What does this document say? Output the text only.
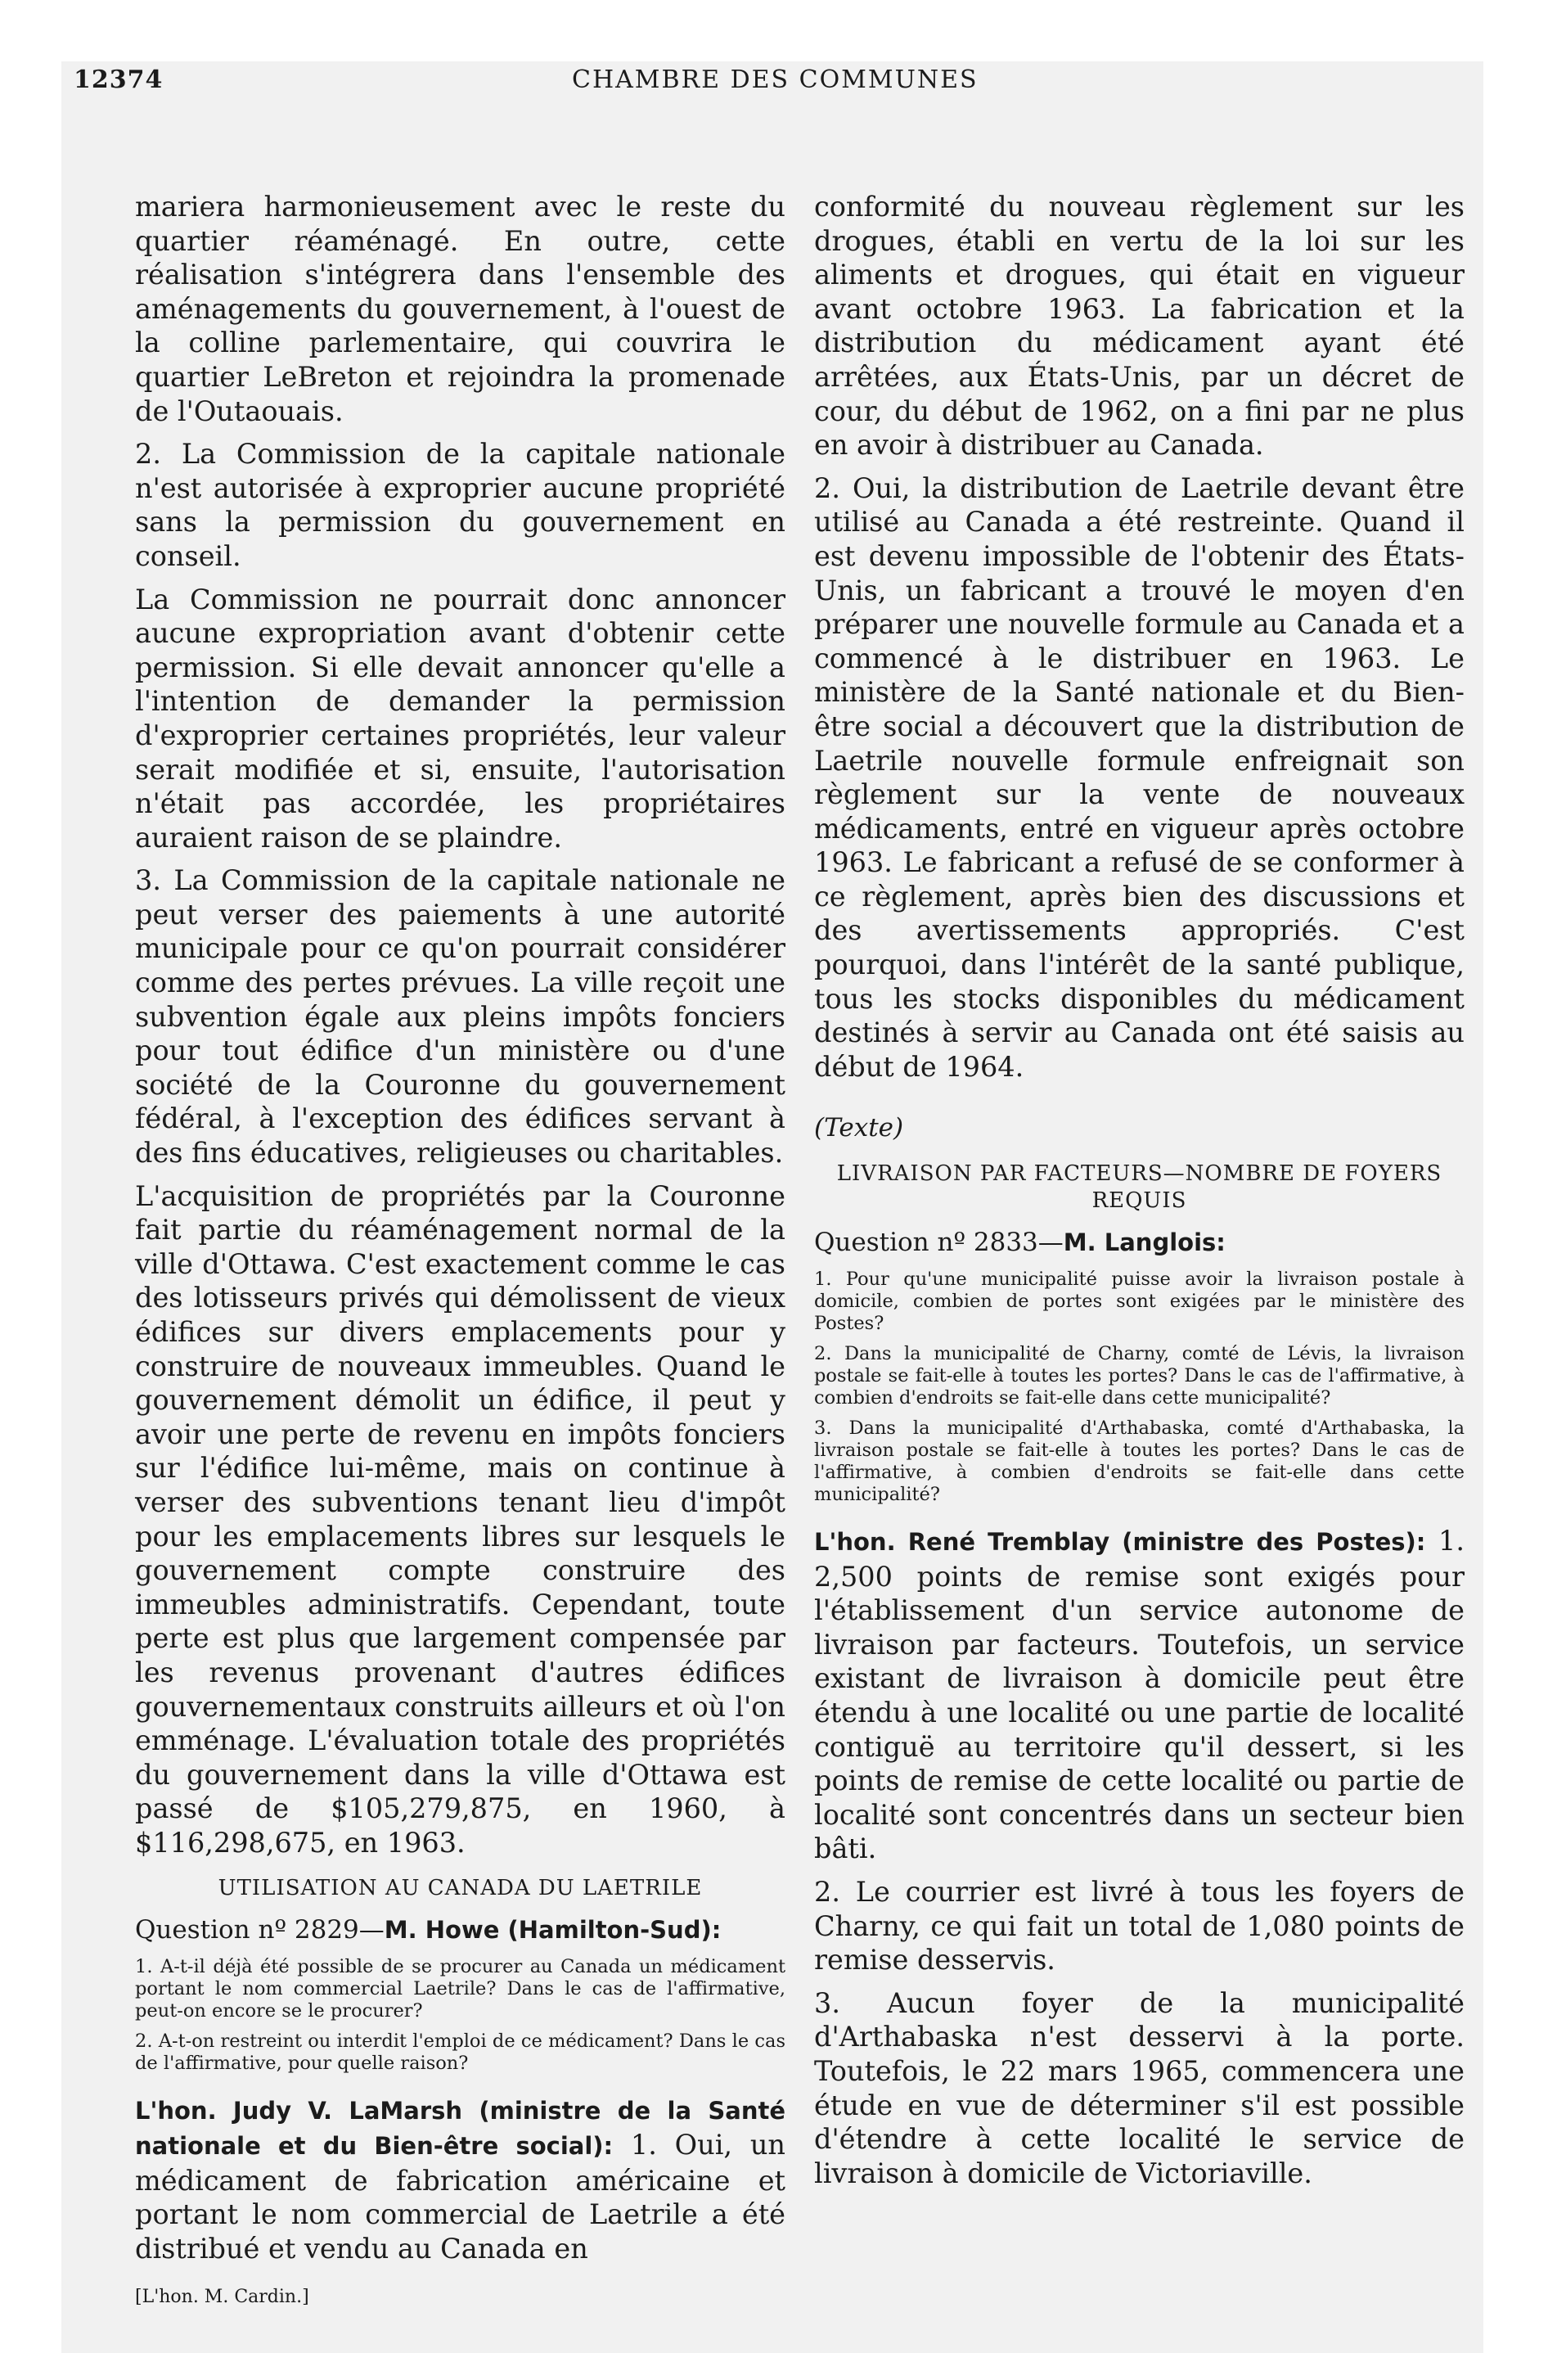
12374	CHAMBRE DES COMMUNES

mariera harmonieusement avec le reste du quartier réaménagé. En outre, cette réalisation s'intégrera dans l'ensemble des aménagements du gouvernement, à l'ouest de la colline parlementaire, qui couvrira le quartier LeBreton et rejoindra la promenade de l'Outaouais.

2. La Commission de la capitale nationale n'est autorisée à exproprier aucune propriété sans la permission du gouvernement en conseil.

La Commission ne pourrait donc annoncer aucune expropriation avant d'obtenir cette permission. Si elle devait annoncer qu'elle a l'intention de demander la permission d'exproprier certaines propriétés, leur valeur serait modifiée et si, ensuite, l'autorisation n'était pas accordée, les propriétaires auraient raison de se plaindre.

3. La Commission de la capitale nationale ne peut verser des paiements à une autorité municipale pour ce qu'on pourrait considérer comme des pertes prévues. La ville reçoit une subvention égale aux pleins impôts fonciers pour tout édifice d'un ministère ou d'une société de la Couronne du gouvernement fédéral, à l'exception des édifices servant à des fins éducatives, religieuses ou charitables.

L'acquisition de propriétés par la Couronne fait partie du réaménagement normal de la ville d'Ottawa. C'est exactement comme le cas des lotisseurs privés qui démolissent de vieux édifices sur divers emplacements pour y construire de nouveaux immeubles. Quand le gouvernement démolit un édifice, il peut y avoir une perte de revenu en impôts fonciers sur l'édifice lui-même, mais on continue à verser des subventions tenant lieu d'impôt pour les emplacements libres sur lesquels le gouvernement compte construire des immeubles administratifs. Cependant, toute perte est plus que largement compensée par les revenus provenant d'autres édifices gouvernementaux construits ailleurs et où l'on emménage. L'évaluation totale des propriétés du gouvernement dans la ville d'Ottawa est passé de $105,279,875, en 1960, à $116,298,675, en 1963.

UTILISATION AU CANADA DU LAETRILE
Question nº 2829—M. Howe (Hamilton-Sud):

1. A-t-il déjà été possible de se procurer au Canada un médicament portant le nom commercial Laetrile? Dans le cas de l'affirmative, peut-on encore se le procurer?

2. A-t-on restreint ou interdit l'emploi de ce médicament? Dans le cas de l'affirmative, pour quelle raison?

L'hon. Judy V. LaMarsh (ministre de la Santé nationale et du Bien-être social): 1. Oui, un médicament de fabrication américaine et portant le nom commercial de Laetrile a été distribué et vendu au Canada en

[L'hon. M. Cardin.]

conformité du nouveau règlement sur les drogues, établi en vertu de la loi sur les aliments et drogues, qui était en vigueur avant octobre 1963. La fabrication et la distribution du médicament ayant été arrêtées, aux États-Unis, par un décret de cour, du début de 1962, on a fini par ne plus en avoir à distribuer au Canada.

2. Oui, la distribution de Laetrile devant être utilisé au Canada a été restreinte. Quand il est devenu impossible de l'obtenir des États-Unis, un fabricant a trouvé le moyen d'en préparer une nouvelle formule au Canada et a commencé à le distribuer en 1963. Le ministère de la Santé nationale et du Bien-être social a découvert que la distribution de Laetrile nouvelle formule enfreignait son règlement sur la vente de nouveaux médicaments, entré en vigueur après octobre 1963. Le fabricant a refusé de se conformer à ce règlement, après bien des discussions et des avertissements appropriés. C'est pourquoi, dans l'intérêt de la santé publique, tous les stocks disponibles du médicament destinés à servir au Canada ont été saisis au début de 1964.

(Texte)
LIVRAISON PAR FACTEURS—NOMBRE DE FOYERS REQUIS
Question nº 2833—M. Langlois:

1. Pour qu'une municipalité puisse avoir la livraison postale à domicile, combien de portes sont exigées par le ministère des Postes?

2. Dans la municipalité de Charny, comté de Lévis, la livraison postale se fait-elle à toutes les portes? Dans le cas de l'affirmative, à combien d'endroits se fait-elle dans cette municipalité?

3. Dans la municipalité d'Arthabaska, comté d'Arthabaska, la livraison postale se fait-elle à toutes les portes? Dans le cas de l'affirmative, à combien d'endroits se fait-elle dans cette municipalité?

L'hon. René Tremblay (ministre des Postes): 1. 2,500 points de remise sont exigés pour l'établissement d'un service autonome de livraison par facteurs. Toutefois, un service existant de livraison à domicile peut être étendu à une localité ou une partie de localité contiguë au territoire qu'il dessert, si les points de remise de cette localité ou partie de localité sont concentrés dans un secteur bien bâti.

2. Le courrier est livré à tous les foyers de Charny, ce qui fait un total de 1,080 points de remise desservis.

3. Aucun foyer de la municipalité d'Arthabaska n'est desservi à la porte. Toutefois, le 22 mars 1965, commencera une étude en vue de déterminer s'il est possible d'étendre à cette localité le service de livraison à domicile de Victoriaville.
